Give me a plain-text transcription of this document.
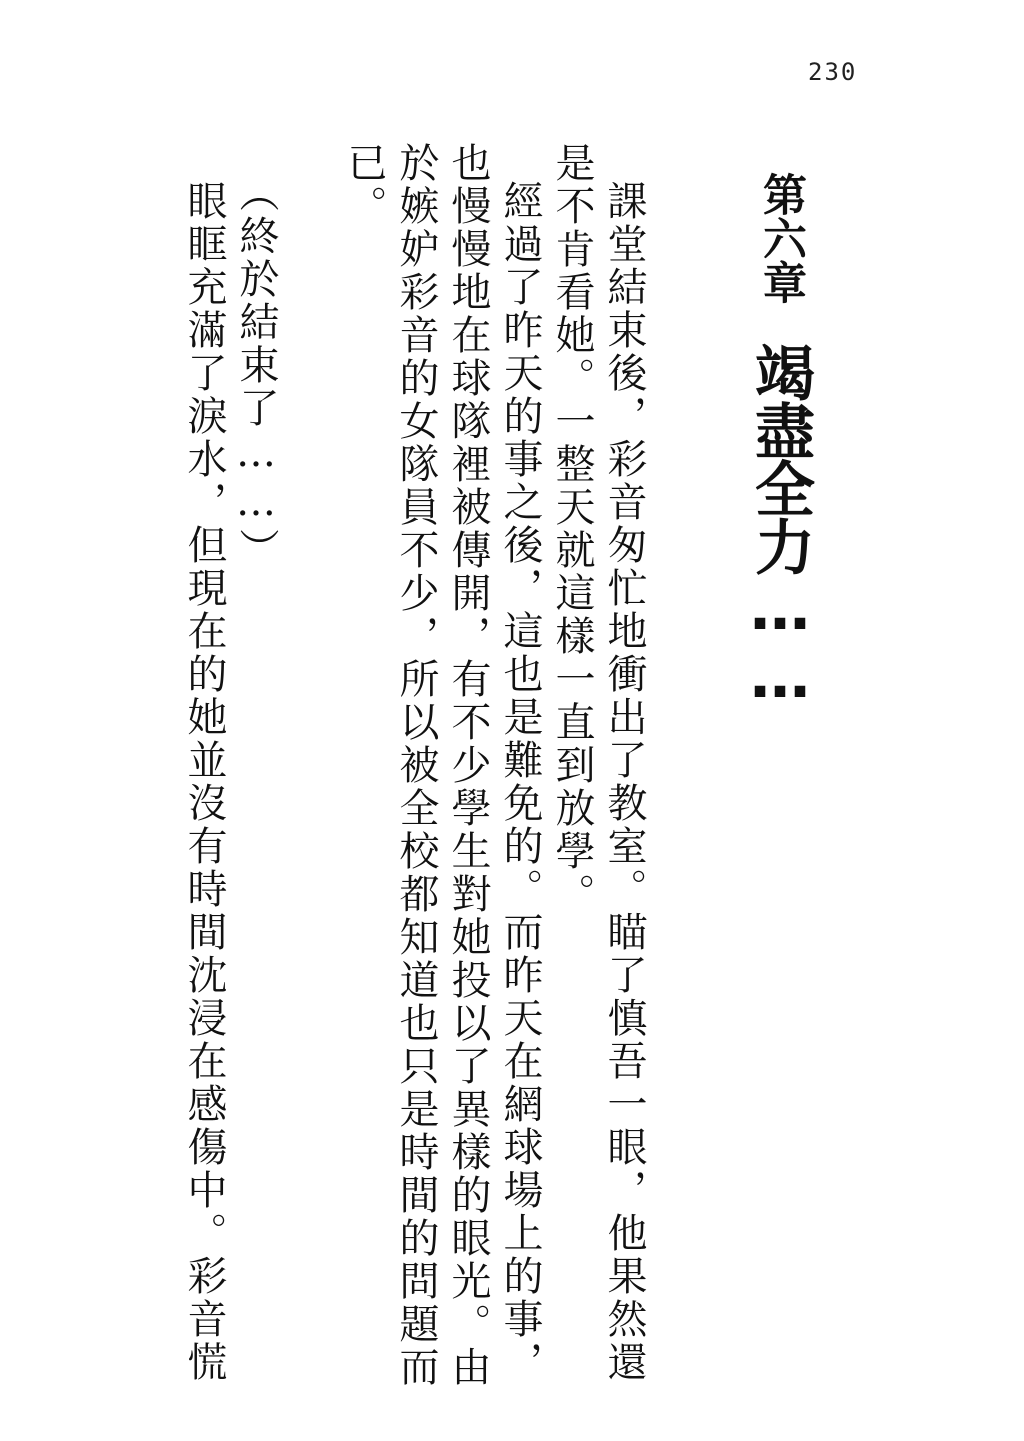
230
第六章
竭盡全力……

課堂結束後，彩音匆忙地衝出了教室。瞄了慎吾一眼，他果然還

是不肯看她。一整天就這樣一直到放學。

經過了昨天的事之後，這也是難免的。而昨天在網球場上的事，

也慢慢地在球隊裡被傳開，有不少學生對她投以了異樣的眼光。由

於嫉妒彩音的女隊員不少，所以被全校都知道也只是時間的問題而

已。

︵終於結束了……︶

眼眶充滿了淚水，但現在的她並沒有時間沈浸在感傷中。彩音慌
